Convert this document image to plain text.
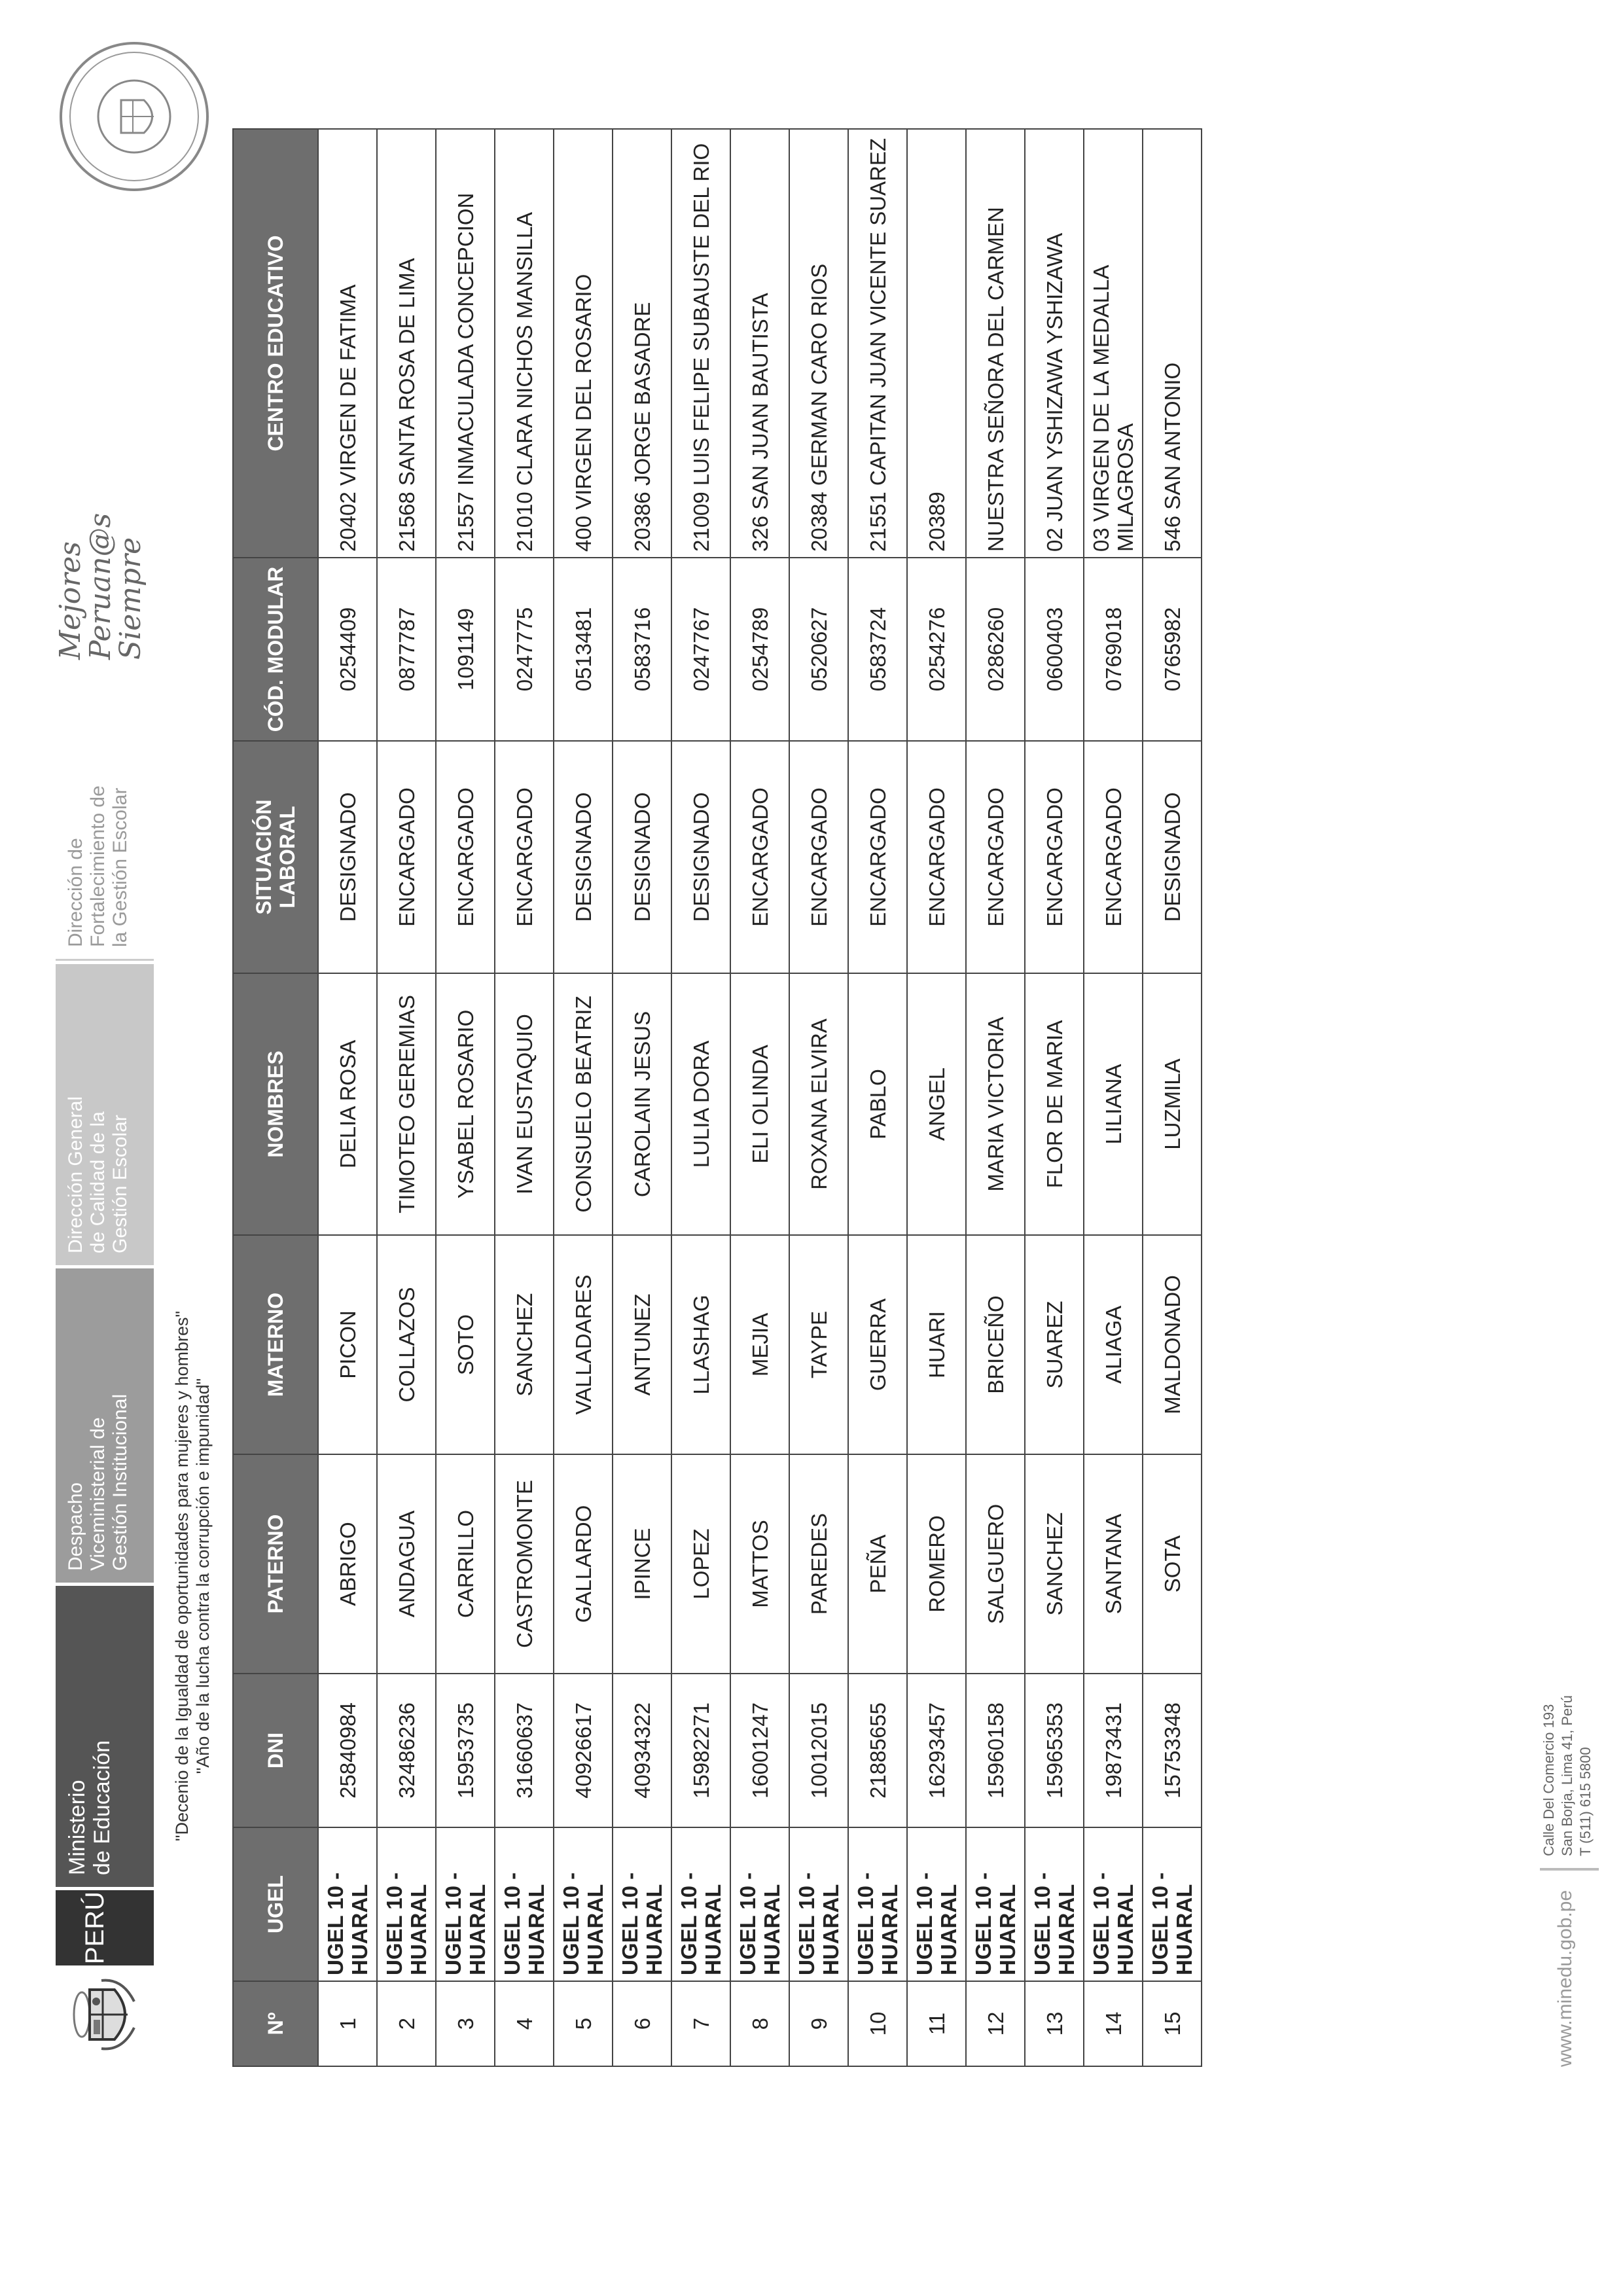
PERÚ
Ministerio de Educación
Despacho Viceministerial de Gestión Institucional
Dirección General de Calidad de la Gestión Escolar
Dirección de Fortalecimiento de la Gestión Escolar
Mejores
Peruan@s
Siempre
"Decenio de la Igualdad de oportunidades para mujeres y hombres" "Año de la lucha contra la corrupción e impunidad"
Nº	UGEL	DNI	PATERNO	MATERNO	NOMBRES	SITUACIÓN LABORAL	CÓD. MODULAR	CENTRO EDUCATIVO
1	UGEL 10 - HUARAL	25840984	ABRIGO	PICON	DELIA ROSA	DESIGNADO	0254409	20402 VIRGEN DE FATIMA
2	UGEL 10 - HUARAL	32486236	ANDAGUA	COLLAZOS	TIMOTEO GEREMIAS	ENCARGADO	0877787	21568 SANTA ROSA DE LIMA
3	UGEL 10 - HUARAL	15953735	CARRILLO	SOTO	YSABEL ROSARIO	ENCARGADO	1091149	21557 INMACULADA CONCEPCION
4	UGEL 10 - HUARAL	31660637	CASTROMONTE	SANCHEZ	IVAN EUSTAQUIO	ENCARGADO	0247775	21010 CLARA NICHOS MANSILLA
5	UGEL 10 - HUARAL	40926617	GALLARDO	VALLADARES	CONSUELO BEATRIZ	DESIGNADO	0513481	400 VIRGEN DEL ROSARIO
6	UGEL 10 - HUARAL	40934322	IPINCE	ANTUNEZ	CAROLAIN JESUS	DESIGNADO	0583716	20386 JORGE BASADRE
7	UGEL 10 - HUARAL	15982271	LOPEZ	LLASHAG	LULIA DORA	DESIGNADO	0247767	21009 LUIS FELIPE SUBAUSTE DEL RIO
8	UGEL 10 - HUARAL	16001247	MATTOS	MEJIA	ELI OLINDA	ENCARGADO	0254789	326 SAN JUAN BAUTISTA
9	UGEL 10 - HUARAL	10012015	PAREDES	TAYPE	ROXANA ELVIRA	ENCARGADO	0520627	20384 GERMAN CARO RIOS
10	UGEL 10 - HUARAL	21885655	PEÑA	GUERRA	PABLO	ENCARGADO	0583724	21551 CAPITAN JUAN VICENTE SUAREZ
11	UGEL 10 - HUARAL	16293457	ROMERO	HUARI	ANGEL	ENCARGADO	0254276	20389
12	UGEL 10 - HUARAL	15960158	SALGUERO	BRICEÑO	MARIA VICTORIA	ENCARGADO	0286260	NUESTRA SEÑORA DEL CARMEN
13	UGEL 10 - HUARAL	15965353	SANCHEZ	SUAREZ	FLOR DE MARIA	ENCARGADO	0600403	02 JUAN YSHIZAWA YSHIZAWA
14	UGEL 10 - HUARAL	19873431	SANTANA	ALIAGA	LILIANA	ENCARGADO	0769018	03 VIRGEN DE LA MEDALLA MILAGROSA
15	UGEL 10 - HUARAL	15753348	SOTA	MALDONADO	LUZMILA	DESIGNADO	0765982	546 SAN ANTONIO
www.minedu.gob.pe
Calle Del Comercio 193 San Borja, Lima 41, Perú T (511) 615 5800
